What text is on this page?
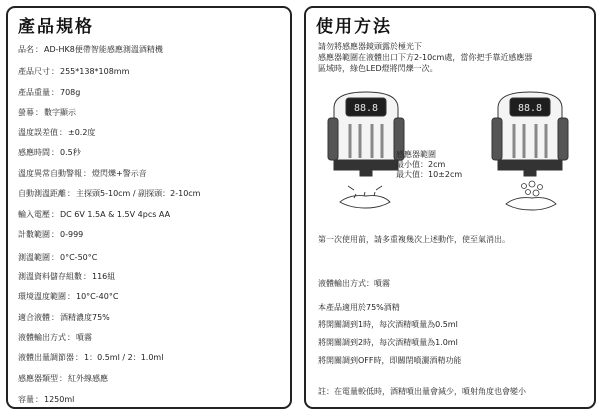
產品規格
品名：AD-HK8便帶智能感應測溫酒精機
產品尺寸：255*138*108mm
產品重量：708g
螢幕：數字顯示
溫度誤差值：±0.2度
感應時間：0.5秒
溫度異常自動警報：燈閃爍+警示音
自動測溫距離：主探頭5-10cm / 副探頭：2-10cm
輸入電壓：DC 6V 1.5A & 1.5V 4pcs AA
計數範圍：0-999
測溫範圍：0°C-50°C
測溫資料儲存組數：116組
環境溫度範圍：10°C-40°C
適合液體：酒精濃度75%
液體輸出方式：噴霧
液體出量調節器：1：0.5ml / 2：1.0ml
感應器類型：紅外線感應
容量：1250ml
使用方法
請勿將感應器鏡頭露於極光下
感應器範圍在液體出口下方2-10cm處，當你把手靠近感應器
區域時，綠色LED燈將閃爍一次。
88.8	88.8
感應器範圍
最小值：2cm
最大值：10±2cm
第一次使用前，請多重複幾次上述動作，使至氣消出。
液體輸出方式：噴霧
本產品適用於75%酒精
將開關調到1時，每次酒精噴量為0.5ml
將開關調到2時，每次酒精噴量為1.0ml
將開關調到OFF時，即關閉噴灑酒精功能
註：在電量較低時，酒精噴出量會減少，噴射角度也會變小
